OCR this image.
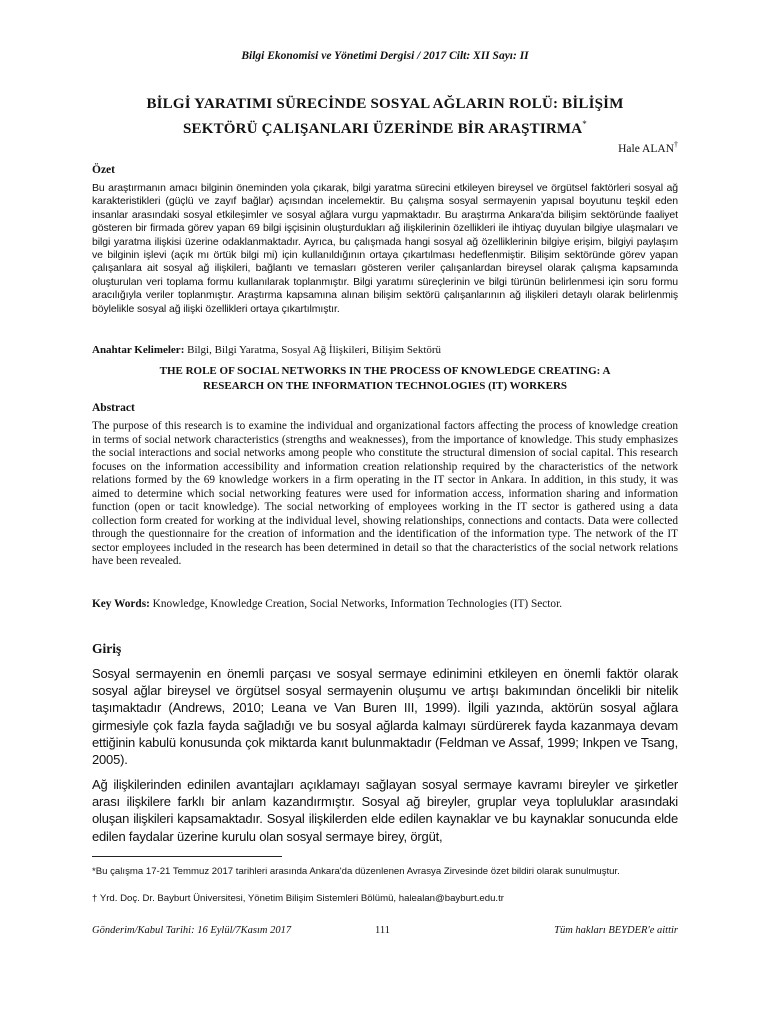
Bilgi Ekonomisi ve Yönetimi Dergisi / 2017 Cilt: XII Sayı: II
BİLGİ YARATIMI SÜRECİNDE SOSYAL AĞLARIN ROLÜ: BİLİŞİM
SEKTÖRÜ ÇALIŞANLARI ÜZERİNDE BİR ARAŞTIRMA*
Hale ALAN†
Özet
Bu araştırmanın amacı bilginin öneminden yola çıkarak, bilgi yaratma sürecini etkileyen bireysel ve örgütsel faktörleri sosyal ağ karakteristikleri (güçlü ve zayıf bağlar) açısından incelemektir. Bu çalışma sosyal sermayenin yapısal boyutunu teşkil eden insanlar arasındaki sosyal etkileşimler ve sosyal ağlara vurgu yapmaktadır. Bu araştırma Ankara'da bilişim sektöründe faaliyet gösteren bir firmada görev yapan 69 bilgi işçisinin oluşturdukları ağ ilişkilerinin özellikleri ile ihtiyaç duyulan bilgiye ulaşmaları ve bilgi yaratma ilişkisi üzerine odaklanmaktadır. Ayrıca, bu çalışmada hangi sosyal ağ özelliklerinin bilgiye erişim, bilgiyi paylaşım ve bilginin işlevi (açık mı örtük bilgi mi) için kullanıldığının ortaya çıkartılması hedeflenmiştir. Bilişim sektöründe görev yapan çalışanlara ait sosyal ağ ilişkileri, bağlantı ve temasları gösteren veriler çalışanlardan bireysel olarak çalışma kapsamında oluşturulan veri toplama formu kullanılarak toplanmıştır. Bilgi yaratımı süreçlerinin ve bilgi türünün belirlenmesi için soru formu aracılığıyla veriler toplanmıştır. Araştırma kapsamına alınan bilişim sektörü çalışanlarının ağ ilişkileri detaylı olarak belirlenmiş böylelikle sosyal ağ ilişki özellikleri ortaya çıkartılmıştır.
Anahtar Kelimeler: Bilgi, Bilgi Yaratma, Sosyal Ağ İlişkileri, Bilişim Sektörü
THE ROLE OF SOCIAL NETWORKS IN THE PROCESS OF KNOWLEDGE CREATING: A
RESEARCH ON THE INFORMATION TECHNOLOGIES (IT) WORKERS
Abstract
The purpose of this research is to examine the individual and organizational factors affecting the process of knowledge creation in terms of social network characteristics (strengths and weaknesses), from the importance of knowledge. This study emphasizes the social interactions and social networks among people who constitute the structural dimension of social capital. This research focuses on the information accessibility and information creation relationship required by the characteristics of the network relations formed by the 69 knowledge workers in a firm operating in the IT sector in Ankara. In addition, in this study, it was aimed to determine which social networking features were used for information access, information sharing and information function (open or tacit knowledge). The social networking of employees working in the IT sector is gathered using a data collection form created for working at the individual level, showing relationships, connections and contacts. Data were collected through the questionnaire for the creation of information and the identification of the information type. The network of the IT sector employees included in the research has been determined in detail so that the characteristics of the social network relations have been revealed.
Key Words: Knowledge, Knowledge Creation, Social Networks, Information Technologies (IT) Sector.
Giriş
Sosyal sermayenin en önemli parçası ve sosyal sermaye edinimini etkileyen en önemli faktör olarak sosyal ağlar bireysel ve örgütsel sosyal sermayenin oluşumu ve artışı bakımından öncelikli bir nitelik taşımaktadır (Andrews, 2010; Leana ve Van Buren III, 1999). İlgili yazında, aktörün sosyal ağlara girmesiyle çok fazla fayda sağladığı ve bu sosyal ağlarda kalmayı sürdürerek fayda kazanmaya devam ettiğinin kabulü konusunda çok miktarda kanıt bulunmaktadır (Feldman ve Assaf, 1999; Inkpen ve Tsang, 2005).
Ağ ilişkilerinden edinilen avantajları açıklamayı sağlayan sosyal sermaye kavramı bireyler ve şirketler arası ilişkilere farklı bir anlam kazandırmıştır. Sosyal ağ bireyler, gruplar veya topluluklar arasındaki oluşan ilişkileri kapsamaktadır. Sosyal ilişkilerden elde edilen kaynaklar ve bu kaynaklar sonucunda elde edilen faydalar üzerine kurulu olan sosyal sermaye birey, örgüt,
*Bu çalışma 17-21 Temmuz 2017 tarihleri arasında Ankara'da düzenlenen Avrasya Zirvesinde özet bildiri olarak sunulmuştur.
† Yrd. Doç. Dr. Bayburt Üniversitesi, Yönetim Bilişim Sistemleri Bölümü, halealan@bayburt.edu.tr
Gönderim/Kabul Tarihi: 16 Eylül/7Kasım 2017	111	Tüm hakları BEYDER'e aittir
